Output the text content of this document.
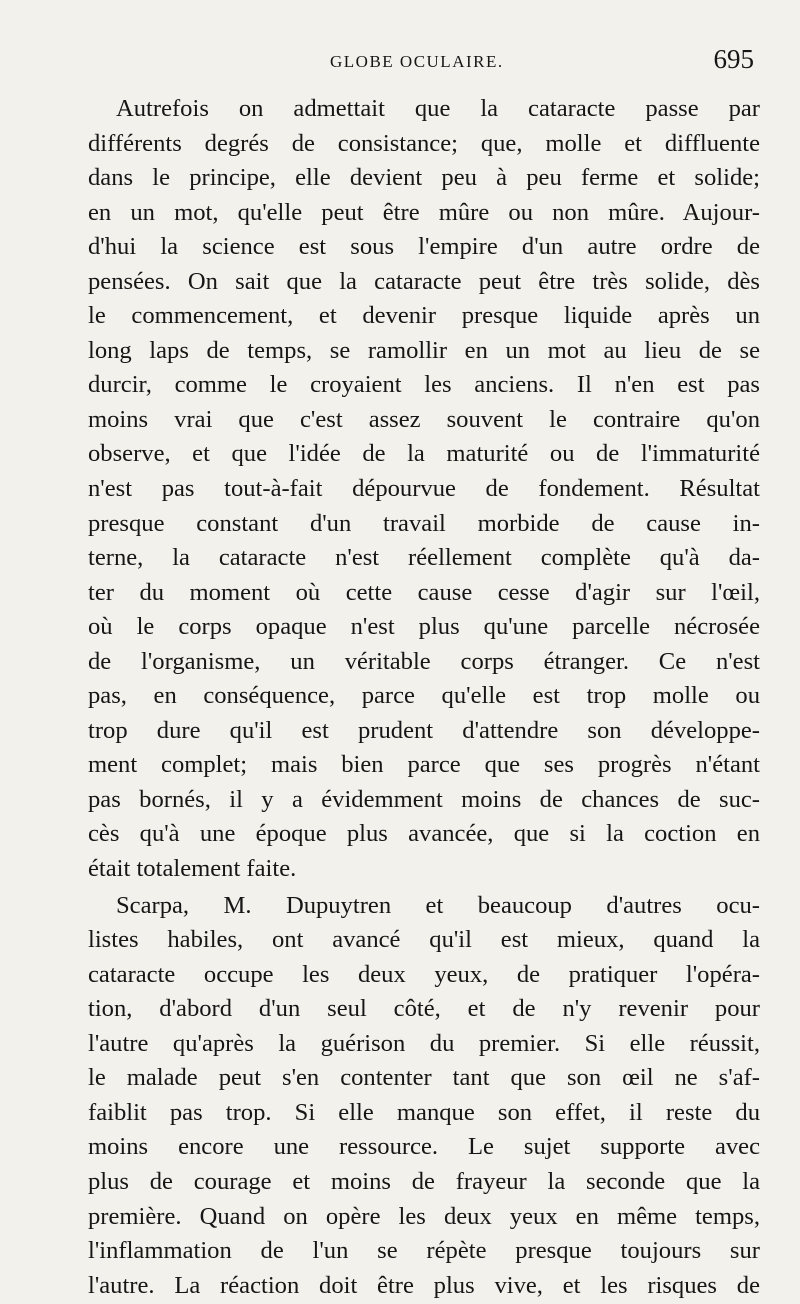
GLOBE OCULAIRE.	695
Autrefois on admettait que la cataracte passe par
différents degrés de consistance; que, molle et diffluente
dans le principe, elle devient peu à peu ferme et solide;
en un mot, qu'elle peut être mûre ou non mûre. Aujour-
d'hui la science est sous l'empire d'un autre ordre de
pensées. On sait que la cataracte peut être très solide, dès
le commencement, et devenir presque liquide après un
long laps de temps, se ramollir en un mot au lieu de se
durcir, comme le croyaient les anciens. Il n'en est pas
moins vrai que c'est assez souvent le contraire qu'on
observe, et que l'idée de la maturité ou de l'immaturité
n'est pas tout-à-fait dépourvue de fondement. Résultat
presque constant d'un travail morbide de cause in-
terne, la cataracte n'est réellement complète qu'à da-
ter du moment où cette cause cesse d'agir sur l'œil,
où le corps opaque n'est plus qu'une parcelle nécrosée
de l'organisme, un véritable corps étranger. Ce n'est
pas, en conséquence, parce qu'elle est trop molle ou
trop dure qu'il est prudent d'attendre son développe-
ment complet; mais bien parce que ses progrès n'étant
pas bornés, il y a évidemment moins de chances de suc-
cès qu'à une époque plus avancée, que si la coction en
était totalement faite.
Scarpa, M. Dupuytren et beaucoup d'autres ocu-
listes habiles, ont avancé qu'il est mieux, quand la
cataracte occupe les deux yeux, de pratiquer l'opéra-
tion, d'abord d'un seul côté, et de n'y revenir pour
l'autre qu'après la guérison du premier. Si elle réussit,
le malade peut s'en contenter tant que son œil ne s'af-
faiblit pas trop. Si elle manque son effet, il reste du
moins encore une ressource. Le sujet supporte avec
plus de courage et moins de frayeur la seconde que la
première. Quand on opère les deux yeux en même temps,
l'inflammation de l'un se répète presque toujours sur
l'autre. La réaction doit être plus vive, et les risques de
